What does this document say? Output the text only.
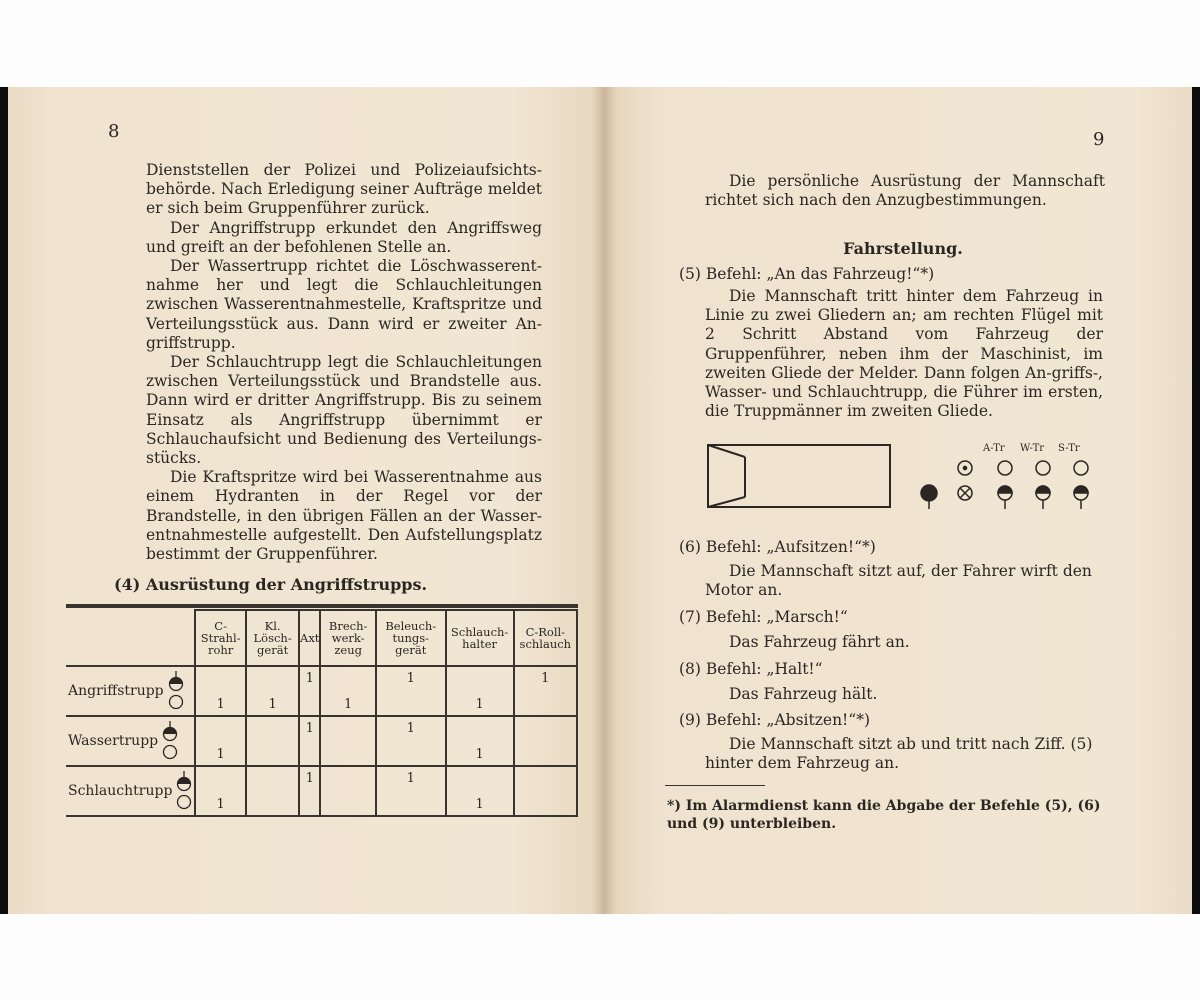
8

Dienststellen der Polizei und Polizeiaufsichts-behörde. Nach Erledigung seiner Aufträge meldet er sich beim Gruppenführer zurück.

Der Angriffstrupp erkundet den Angriffsweg und greift an der befohlenen Stelle an.

Der Wassertrupp richtet die Löschwasserent-nahme her und legt die Schlauchleitungen zwischen Wasserentnahmestelle, Kraftspritze und Verteilungsstück aus. Dann wird er zweiter An-griffstrupp.

Der Schlauchtrupp legt die Schlauchleitungen zwischen Verteilungsstück und Brandstelle aus. Dann wird er dritter Angriffstrupp. Bis zu seinem Einsatz als Angriffstrupp übernimmt er Schlauchaufsicht und Bedienung des Verteilungs-stücks.

Die Kraftspritze wird bei Wasserentnahme aus einem Hydranten in der Regel vor der Brandstelle, in den übrigen Fällen an der Wasser-entnahmestelle aufgestellt. Den Aufstellungsplatz bestimmt der Gruppenführer.

(4) Ausrüstung der Angriffstrupps.
	C-Strahl-rohr	Kl. Lösch-gerät	Axt	Brech-werk-zeug	Beleuch-tungs-gerät	Schlauch-halter	C-Roll-schlauch

Angriffstrupp	1	1	1	1	1	1	1

Wassertrupp	1		1		1	1	

Schlauchtrupp	1		1		1	1	

9
Die persönliche Ausrüstung der Mannschaft richtet sich nach den Anzugbestimmungen.
Fahrstellung.
(5) Befehl: „An das Fahrzeug!“*)
Die Mannschaft tritt hinter dem Fahrzeug in Linie zu zwei Gliedern an; am rechten Flügel mit 2 Schritt Abstand vom Fahrzeug der Gruppenführer, neben ihm der Maschinist, im zweiten Gliede der Melder. Dann folgen An-griffs-, Wasser- und Schlauchtrupp, die Führer im ersten, die Truppmänner im zweiten Gliede.
A-Tr W-Tr S-Tr
(6) Befehl: „Aufsitzen!“*)
Die Mannschaft sitzt auf, der Fahrer wirft den Motor an.
(7) Befehl: „Marsch!“
Das Fahrzeug fährt an.
(8) Befehl: „Halt!“
Das Fahrzeug hält.
(9) Befehl: „Absitzen!“*)
Die Mannschaft sitzt ab und tritt nach Ziff. (5) hinter dem Fahrzeug an.
*) Im Alarmdienst kann die Abgabe der Befehle (5), (6) und (9) unterbleiben.
